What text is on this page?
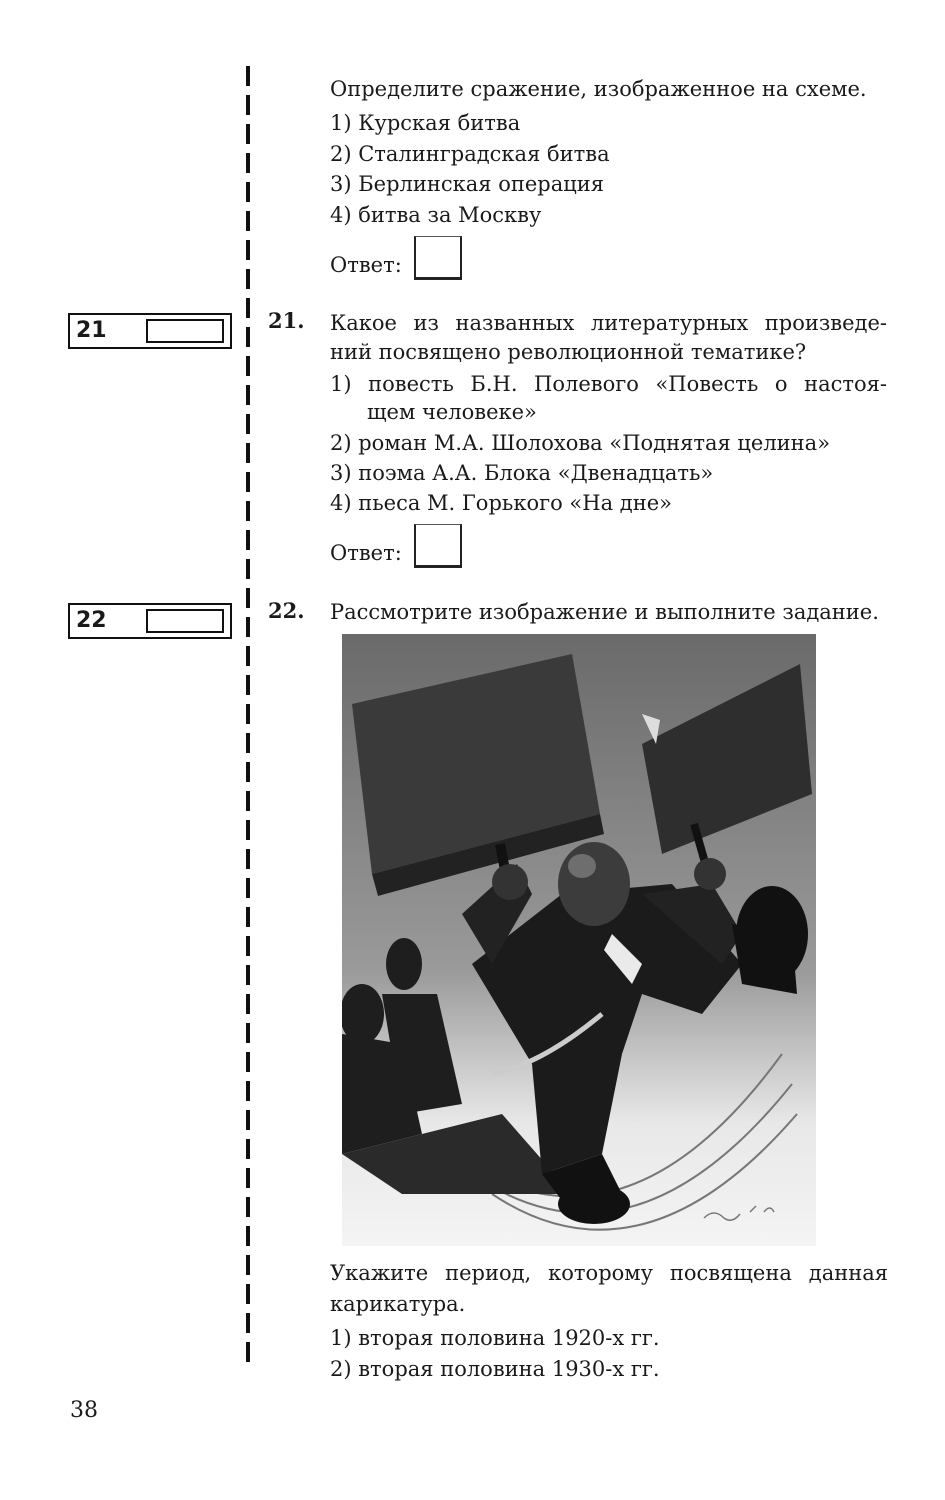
Определите сражение, изображенное на схеме.
1) Курская битва
2) Сталинградская битва
3) Берлинская операция
4) битва за Москву
Ответ:
21	21. Какое из названных литературных произведе-
ний посвящено революционной тематике?
1) повесть Б.Н. Полевого «Повесть о настоя-
щем человеке»
2) роман М.А. Шолохова «Поднятая целина»
3) поэма А.А. Блока «Двенадцать»
4) пьеса М. Горького «На дне»
Ответ:
22	22. Рассмотрите изображение и выполните задание.
Укажите период, которому посвящена данная
карикатура.
1) вторая половина 1920-х гг.
2) вторая половина 1930-х гг.
38
